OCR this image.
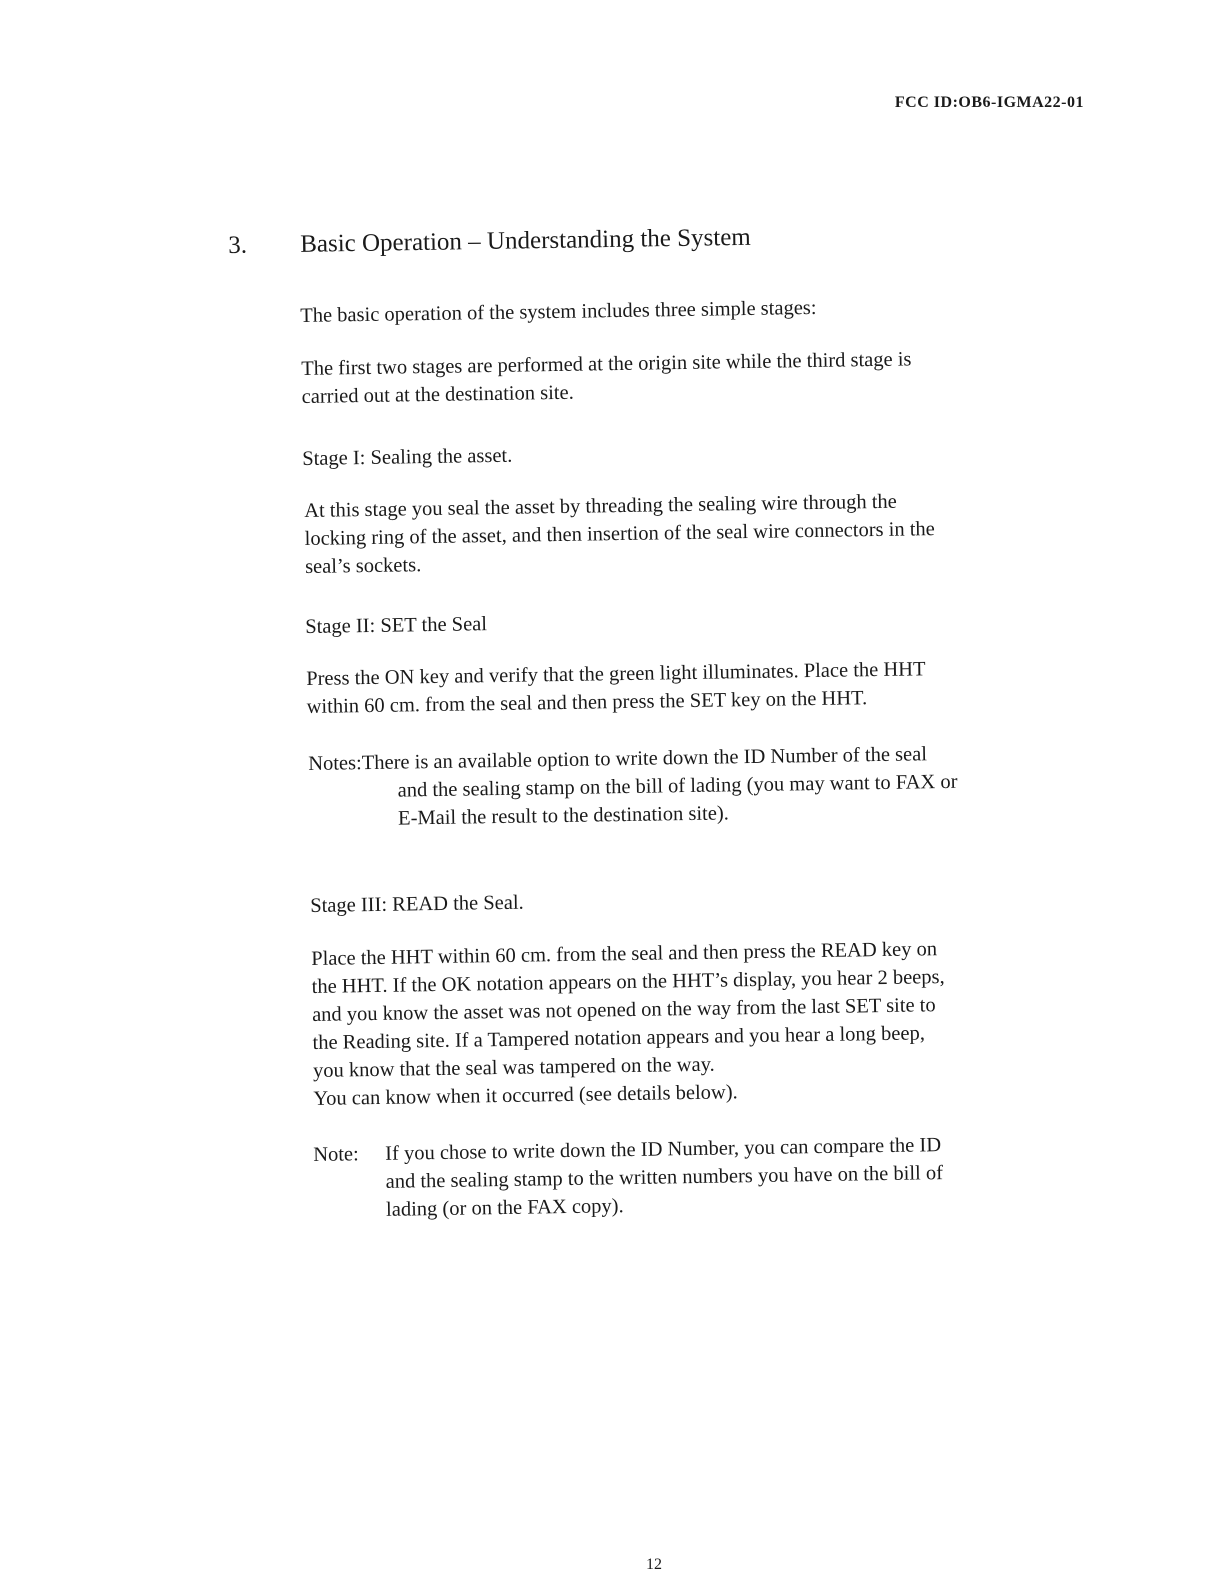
FCC ID:OB6-IGMA22-01
3. Basic Operation – Understanding the System
The basic operation of the system includes three simple stages:
The first two stages are performed at the origin site while the third stage is
carried out at the destination site.
Stage I: Sealing the asset.
At this stage you seal the asset by threading the sealing wire through the
locking ring of the asset, and then insertion of the seal wire connectors in the
seal’s sockets.
Stage II: SET the Seal
Press the ON key and verify that the green light illuminates. Place the HHT
within 60 cm. from the seal and then press the SET key on the HHT.
Notes:There is an available option to write down the ID Number of the seal
and the sealing stamp on the bill of lading (you may want to FAX or
E-Mail the result to the destination site).
Stage III: READ the Seal.
Place the HHT within 60 cm. from the seal and then press the READ key on
the HHT. If the OK notation appears on the HHT’s display, you hear 2 beeps,
and you know the asset was not opened on the way from the last SET site to
the Reading site. If a Tampered notation appears and you hear a long beep,
you know that the seal was tampered on the way.
You can know when it occurred (see details below).
Note:	If you chose to write down the ID Number, you can compare the ID
and the sealing stamp to the written numbers you have on the bill of
lading (or on the FAX copy).
12
